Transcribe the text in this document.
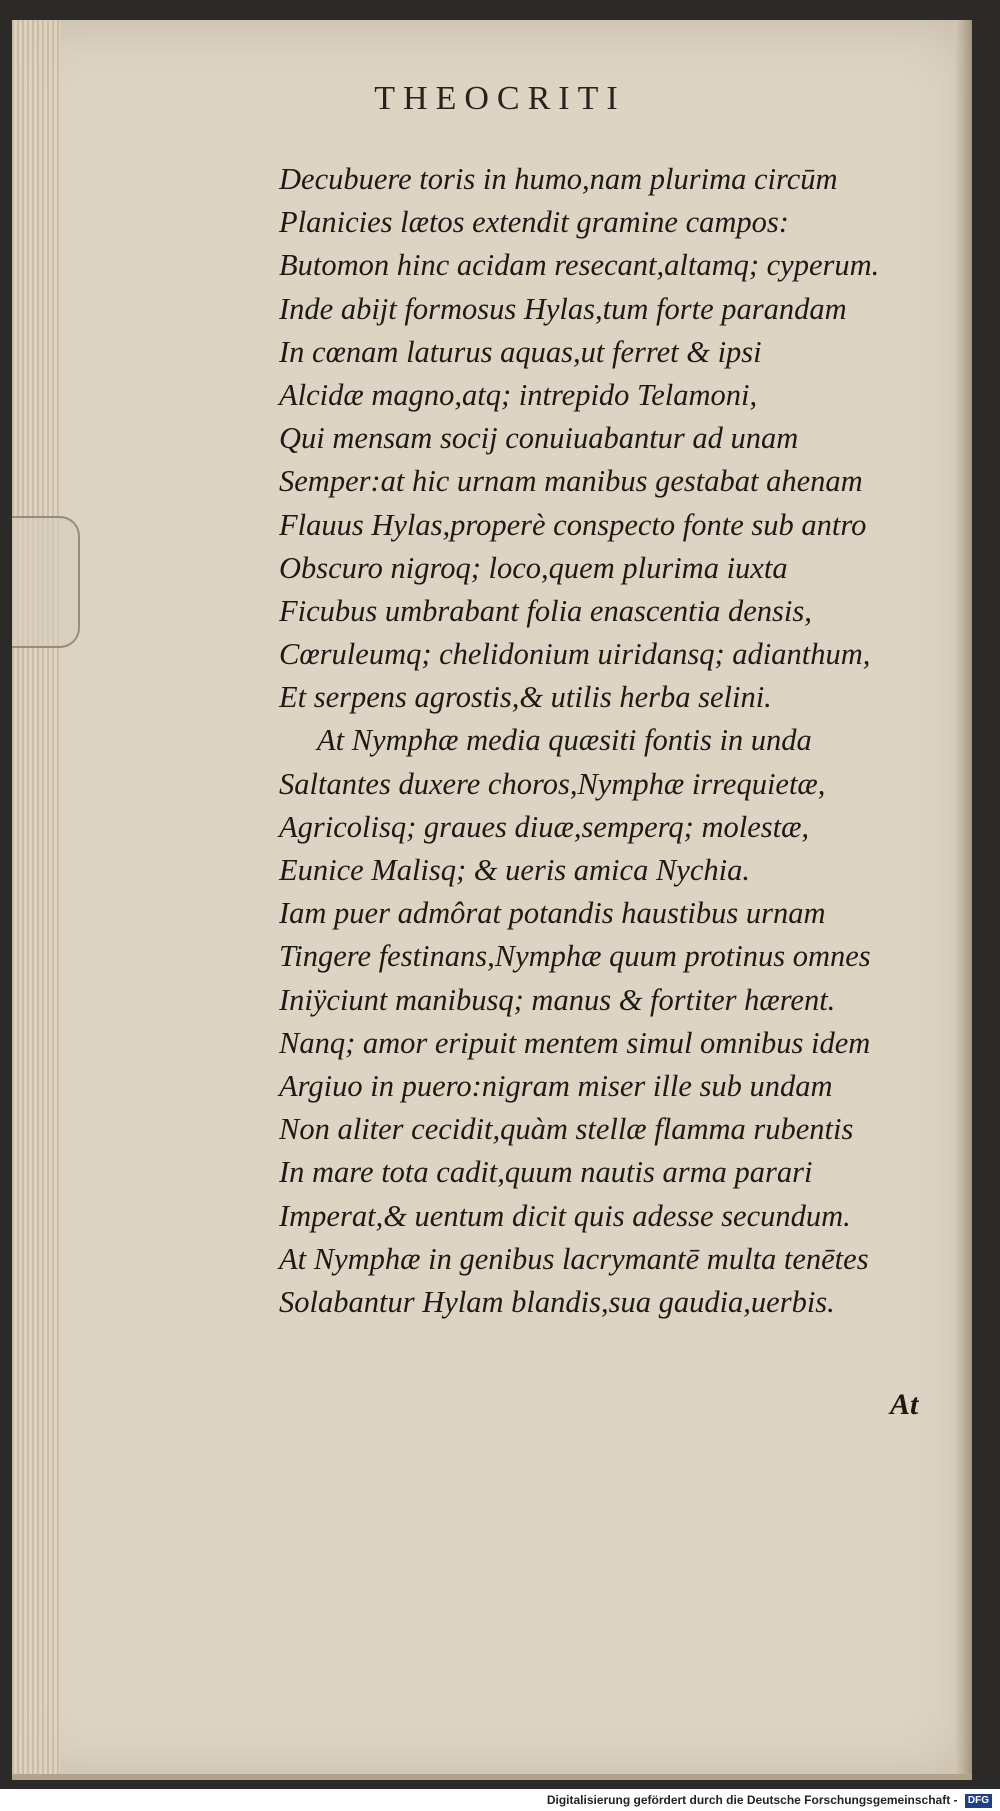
THEOCRITI
Decubuere toris in humo,nam plurima circūm
Planicies lætos extendit gramine campos:
Butomon hinc acidam resecant,altamq; cyperum.
Inde abijt formosus Hylas,tum forte parandam
In cœnam laturus aquas,ut ferret & ipsi
Alcidæ magno,atq; intrepido Telamoni,
Qui mensam socij conuiuabantur ad unam
Semper:at hic urnam manibus gestabat ahenam
Flauus Hylas,properè conspecto fonte sub antro
Obscuro nigroq; loco,quem plurima iuxta
Ficubus umbrabant folia enascentia densis,
Cœruleumq; chelidonium uiridansq; adianthum,
Et serpens agrostis,& utilis herba selini.
At Nymphæ media quæsiti fontis in unda
Saltantes duxere choros,Nymphæ irrequietæ,
Agricolisq; graues diuæ,semperq; molestæ,
Eunice Malisq; & ueris amica Nychia.
Iam puer admôrat potandis haustibus urnam
Tingere festinans,Nymphæ quum protinus omnes
Iniÿciunt manibusq; manus & fortiter hærent.
Nanq; amor eripuit mentem simul omnibus idem
Argiuo in puero:nigram miser ille sub undam
Non aliter cecidit,quàm stellæ flamma rubentis
In mare tota cadit,quum nautis arma parari
Imperat,& uentum dicit quis adesse secundum.
At Nymphæ in genibus lacrymantē multa tenētes
Solabantur Hylam blandis,sua gaudia,uerbis.
At
Digitalisierung gefördert durch die Deutsche Forschungsgemeinschaft - DFG
